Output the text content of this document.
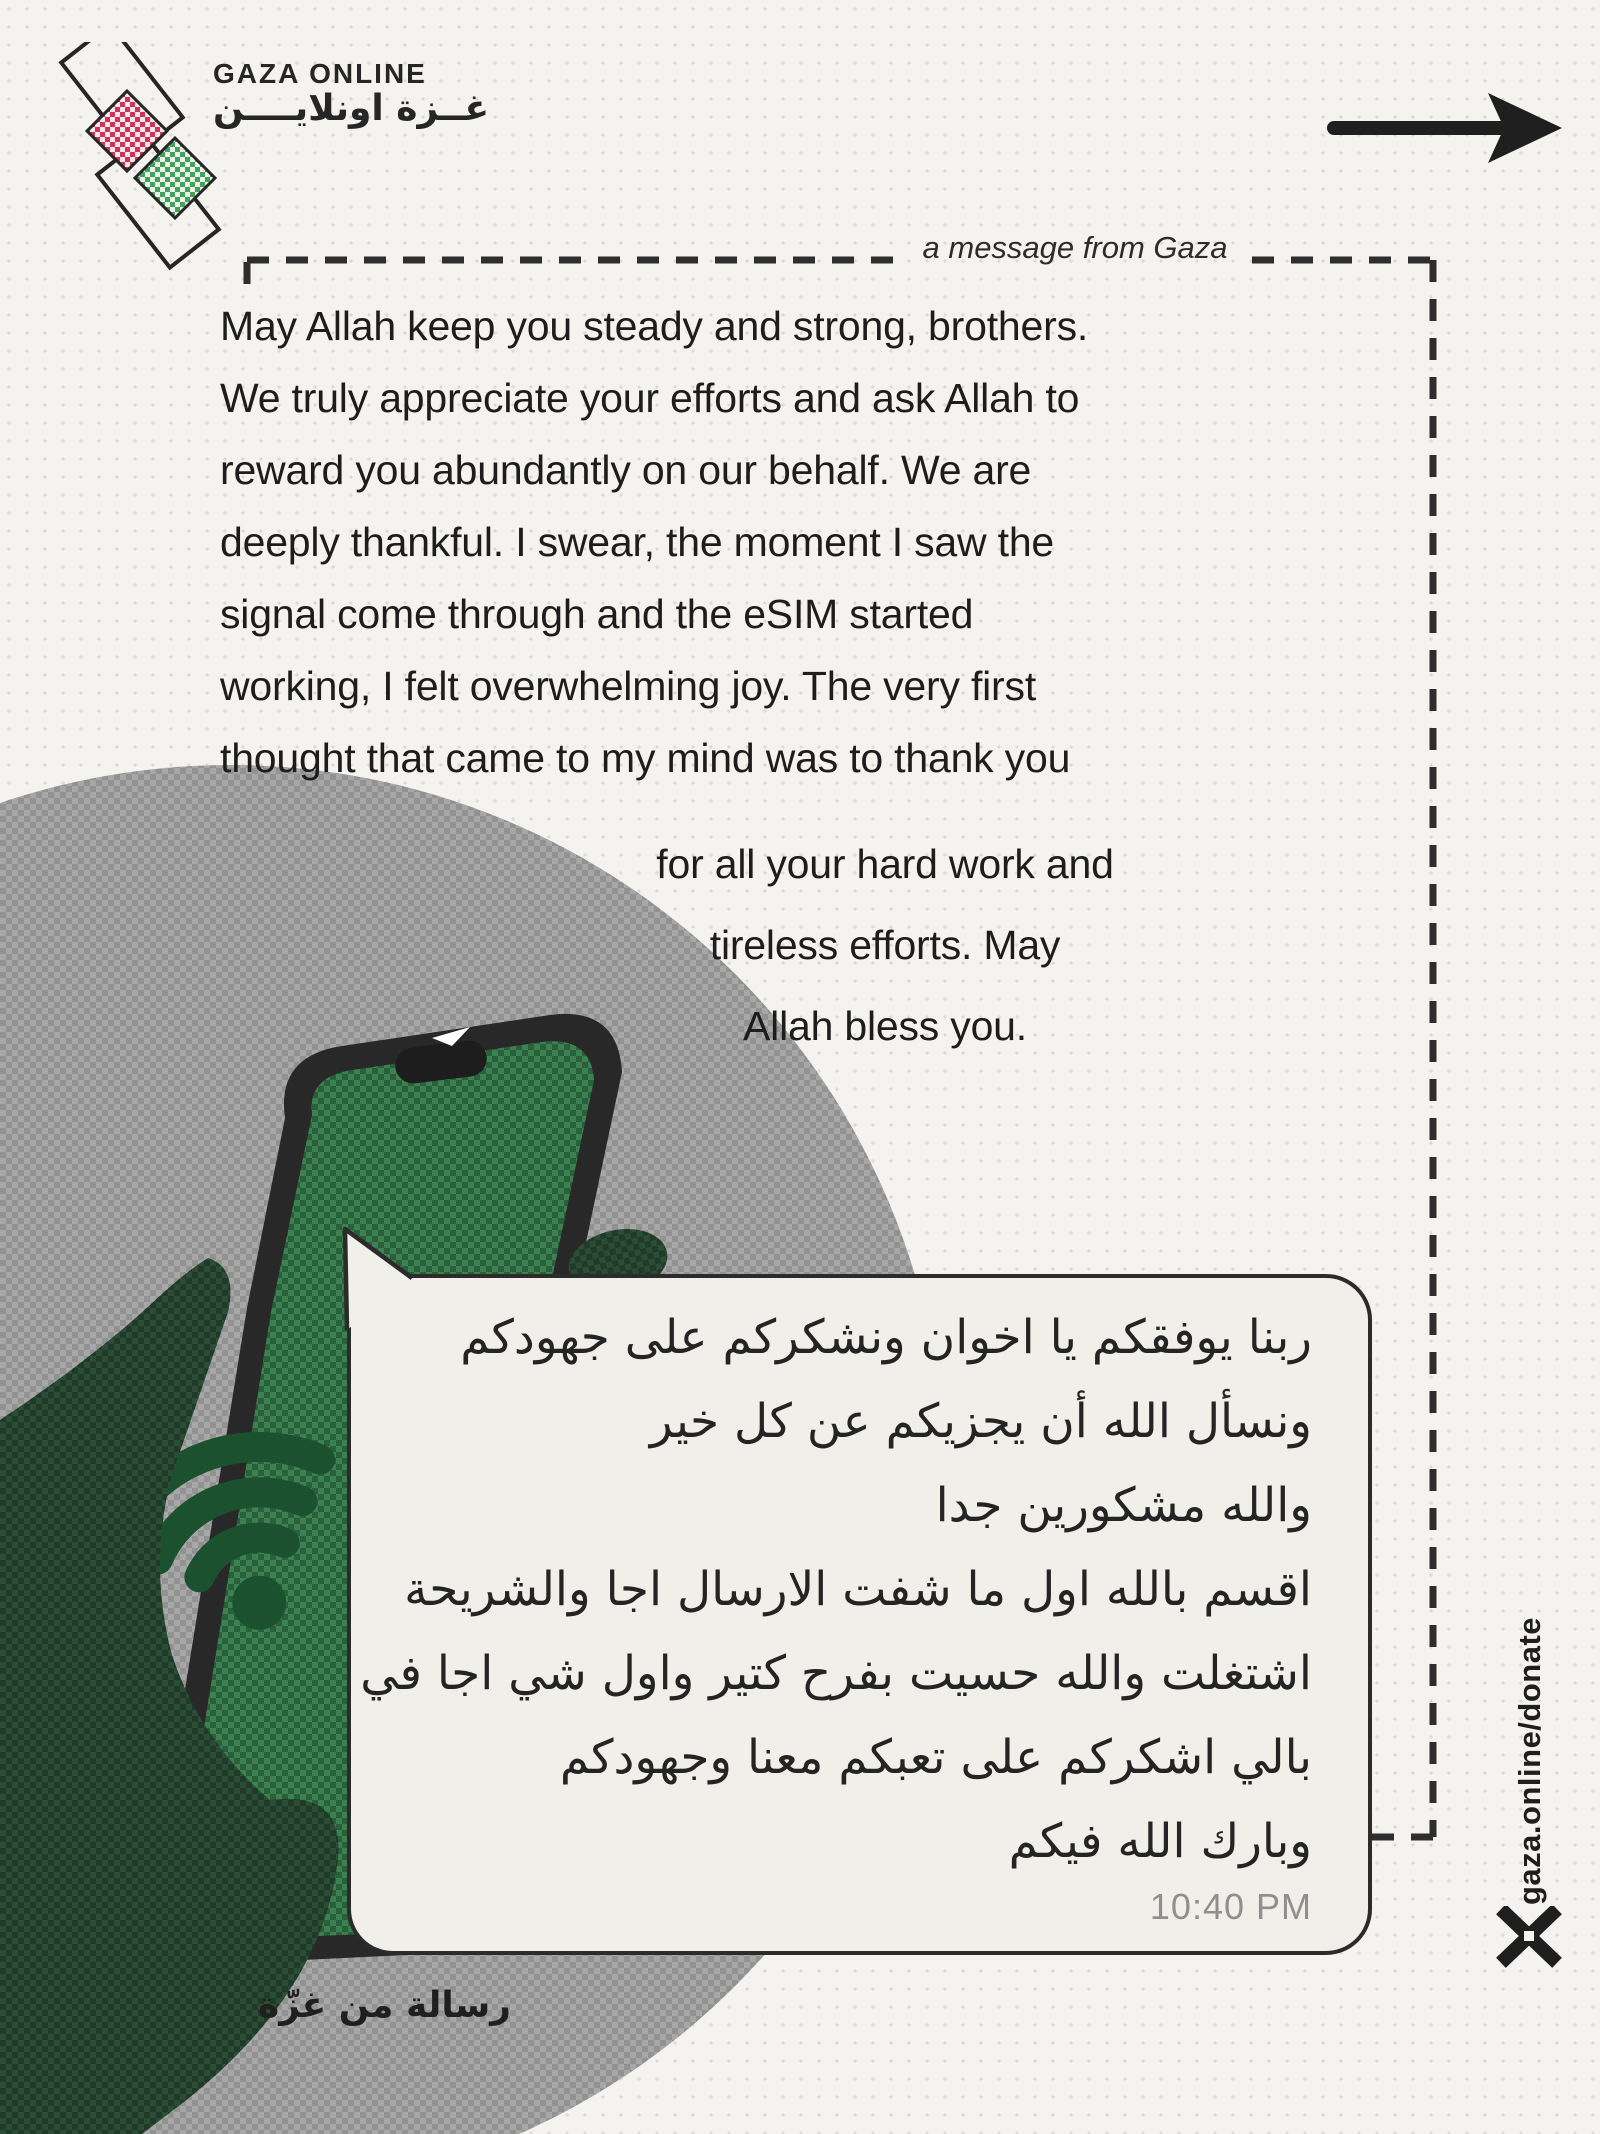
GAZA ONLINE
غــزة اونلايــــن
a message from Gaza
May Allah keep you steady and strong, brothers.
We truly appreciate your efforts and ask Allah to
reward you abundantly on our behalf. We are
deeply thankful. I swear, the moment I saw the
signal come through and the eSIM started
working, I felt overwhelming joy. The very first
thought that came to my mind was to thank you
for all your hard work and
tireless efforts. May
Allah bless you.
ربنا يوفقكم يا اخوان ونشكركم على جهودكم
ونسأل الله أن يجزيكم عن كل خير
والله مشكورين جدا
اقسم بالله اول ما شفت الارسال اجا والشريحة
اشتغلت والله حسيت بفرح كتير واول شي اجا في
بالي اشكركم على تعبكم معنا وجهودكم
وبارك الله فيكم
10:40 PM
رسالة من غزّة
gaza.online/donate
